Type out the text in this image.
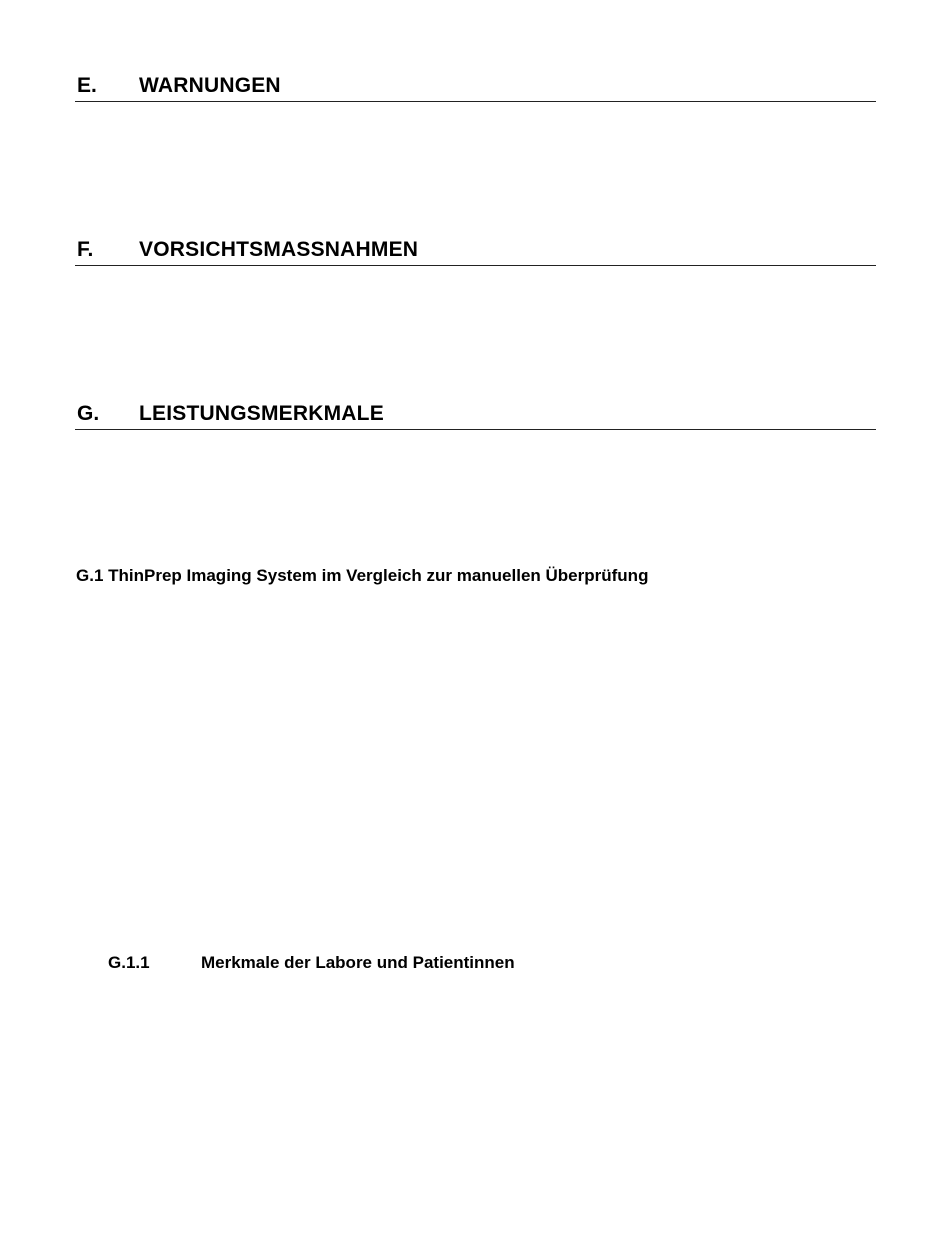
E. WARNUNGEN
F. VORSICHTSMASSNAHMEN
G. LEISTUNGSMERKMALE
G.1 ThinPrep Imaging System im Vergleich zur manuellen Überprüfung
G.1.1	Merkmale der Labore und Patientinnen
